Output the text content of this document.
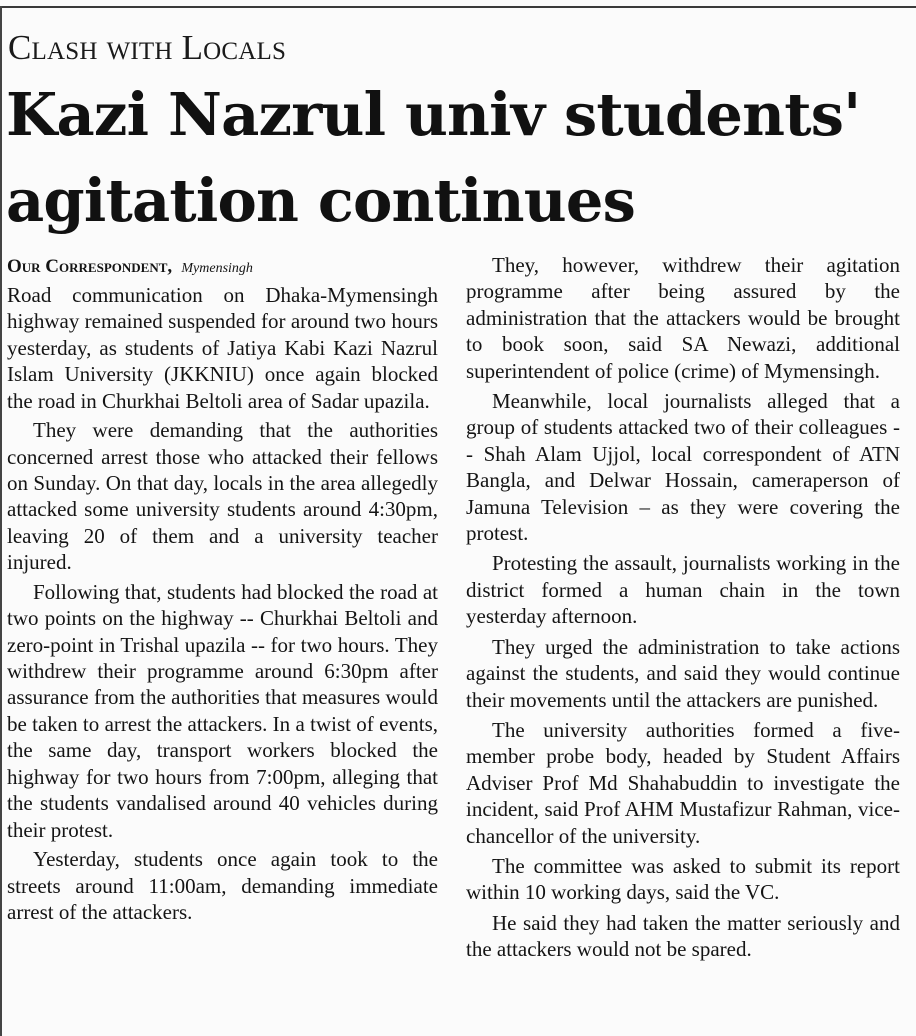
Clash with Locals
Kazi Nazrul univ students' agitation continues
Our Correspondent, Mymensingh

Road communication on Dhaka-Mymensingh highway remained suspended for around two hours yesterday, as students of Jatiya Kabi Kazi Nazrul Islam University (JKKNIU) once again blocked the road in Churkhai Beltoli area of Sadar upazila.

They were demanding that the authorities concerned arrest those who attacked their fellows on Sunday. On that day, locals in the area allegedly attacked some university students around 4:30pm, leaving 20 of them and a university teacher injured.

Following that, students had blocked the road at two points on the highway -- Churkhai Beltoli and zero-point in Trishal upazila -- for two hours. They withdrew their programme around 6:30pm after assurance from the authorities that measures would be taken to arrest the attackers. In a twist of events, the same day, transport workers blocked the highway for two hours from 7:00pm, alleging that the students vandalised around 40 vehicles during their protest.

Yesterday, students once again took to the streets around 11:00am, demanding immediate arrest of the attackers.

They, however, withdrew their agitation programme after being assured by the administration that the attackers would be brought to book soon, said SA Newazi, additional superintendent of police (crime) of Mymensingh.

Meanwhile, local journalists alleged that a group of students attacked two of their colleagues -- Shah Alam Ujjol, local correspondent of ATN Bangla, and Delwar Hossain, cameraperson of Jamuna Television – as they were covering the protest.

Protesting the assault, journalists working in the district formed a human chain in the town yesterday afternoon.

They urged the administration to take actions against the students, and said they would continue their movements until the attackers are punished.

The university authorities formed a five-member probe body, headed by Student Affairs Adviser Prof Md Shahabuddin to investigate the incident, said Prof AHM Mustafizur Rahman, vice-chancellor of the university.

The committee was asked to submit its report within 10 working days, said the VC.

He said they had taken the matter seriously and the attackers would not be spared.
